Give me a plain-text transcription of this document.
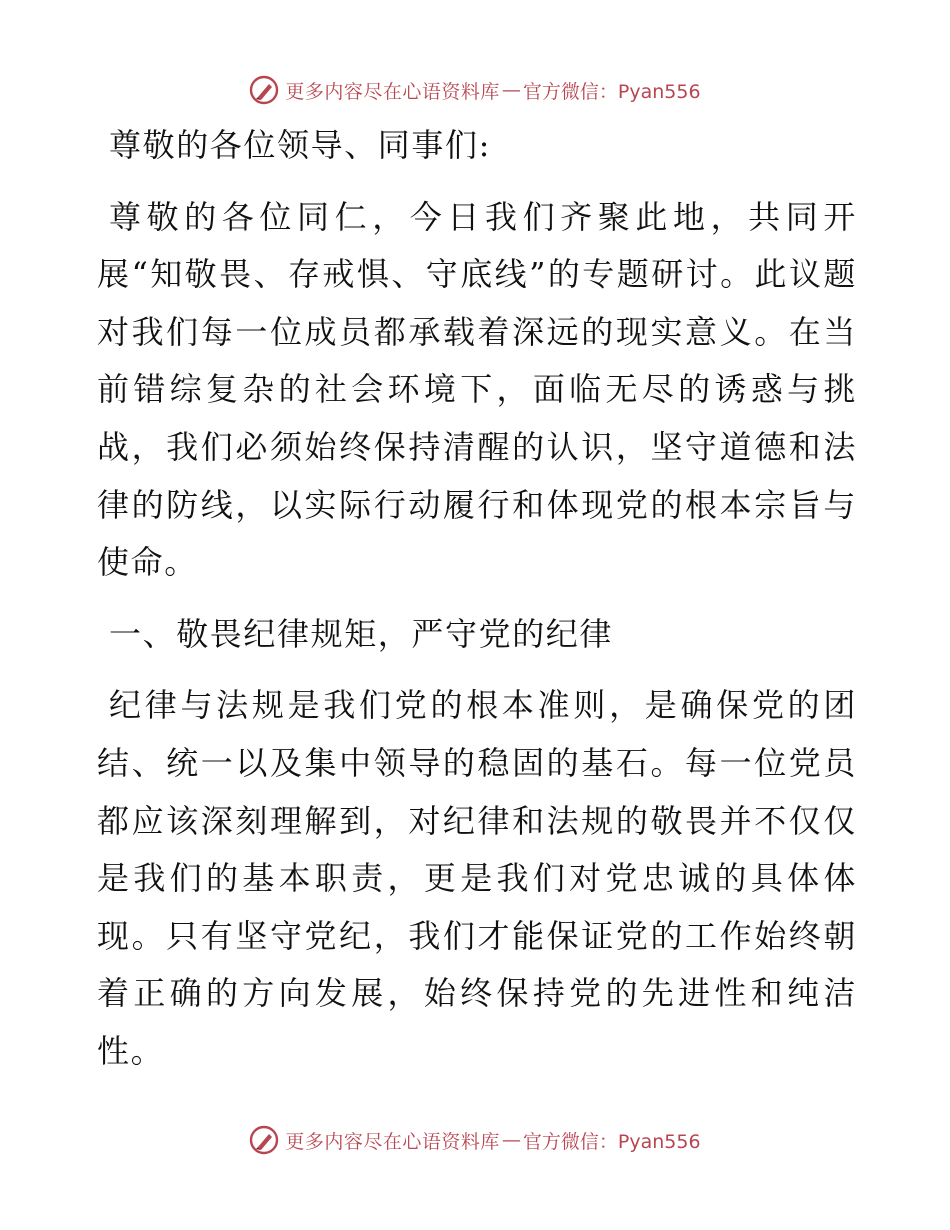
更多内容尽在心语资料库 — 官方微信：Pyan556

尊敬的各位领导、同事们:

尊敬的各位同仁，今日我们齐聚此地，共同开展“知敬畏、存戒惧、守底线”的专题研讨。此议题对我们每一位成员都承载着深远的现实意义。在当前错综复杂的社会环境下，面临无尽的诱惑与挑战，我们必须始终保持清醒的认识，坚守道德和法律的防线，以实际行动履行和体现党的根本宗旨与使命。

一、敬畏纪律规矩，严守党的纪律

纪律与法规是我们党的根本准则，是确保党的团结、统一以及集中领导的稳固的基石。每一位党员都应该深刻理解到，对纪律和法规的敬畏并不仅仅是我们的基本职责，更是我们对党忠诚的具体体现。只有坚守党纪，我们才能保证党的工作始终朝着正确的方向发展，始终保持党的先进性和纯洁性。

更多内容尽在心语资料库 — 官方微信：Pyan556
